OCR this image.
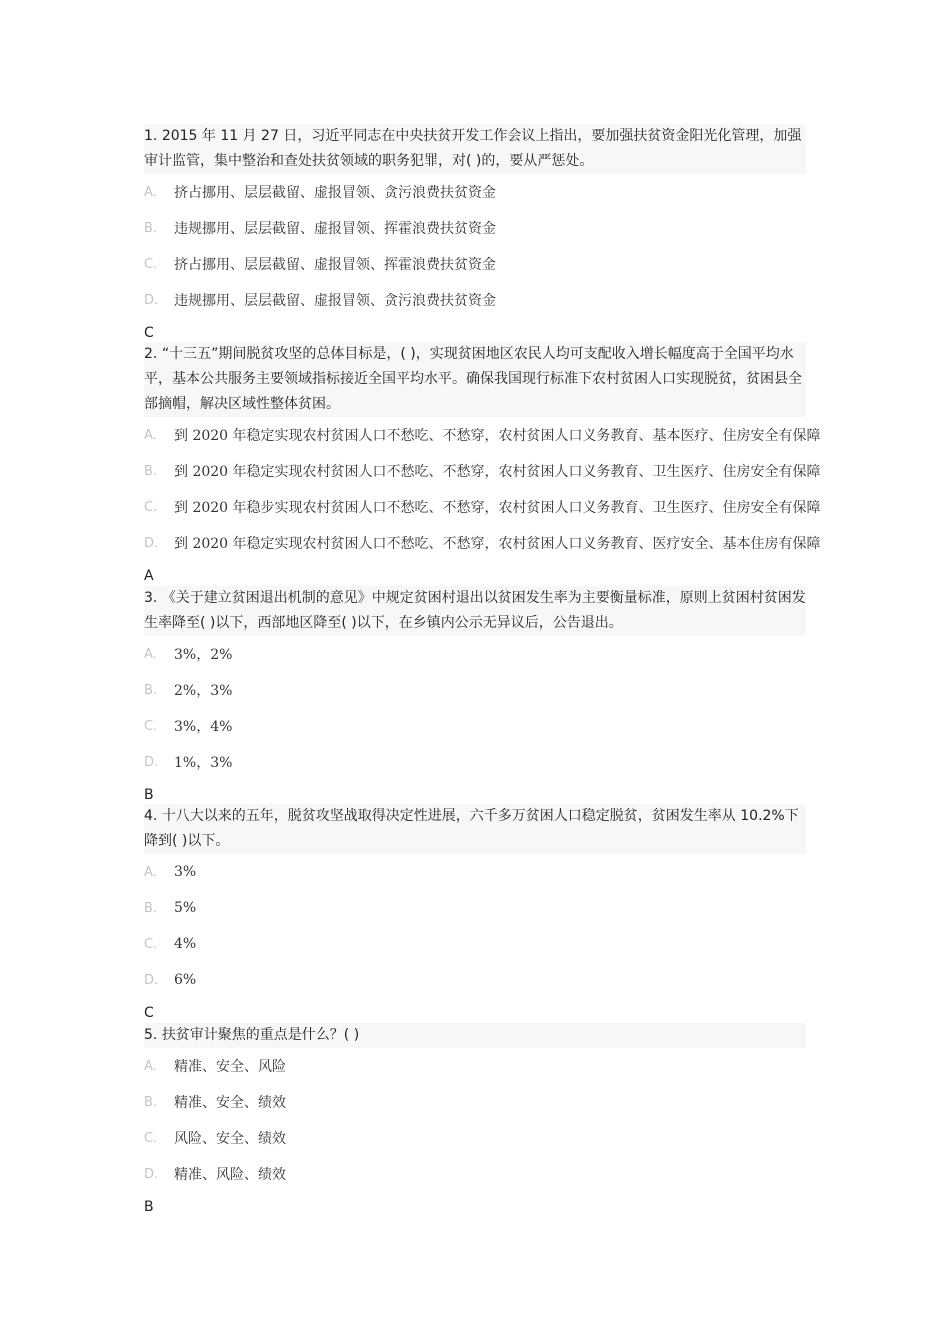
1. 2015 年 11 月 27 日，习近平同志在中央扶贫开发工作会议上指出，要加强扶贫资金阳光化管理，加强审计监管，集中整治和查处扶贫领域的职务犯罪，对( )的，要从严惩处。
A.	挤占挪用、层层截留、虚报冒领、贪污浪费扶贫资金
B.	违规挪用、层层截留、虚报冒领、挥霍浪费扶贫资金
C.	挤占挪用、层层截留、虚报冒领、挥霍浪费扶贫资金
D.	违规挪用、层层截留、虚报冒领、贪污浪费扶贫资金
C
2. “十三五”期间脱贫攻坚的总体目标是，( )，实现贫困地区农民人均可支配收入增长幅度高于全国平均水平，基本公共服务主要领域指标接近全国平均水平。确保我国现行标准下农村贫困人口实现脱贫，贫困县全部摘帽，解决区域性整体贫困。
A.	到 2020 年稳定实现农村贫困人口不愁吃、不愁穿，农村贫困人口义务教育、基本医疗、住房安全有保障
B.	到 2020 年稳定实现农村贫困人口不愁吃、不愁穿，农村贫困人口义务教育、卫生医疗、住房安全有保障
C.	到 2020 年稳步实现农村贫困人口不愁吃、不愁穿，农村贫困人口义务教育、卫生医疗、住房安全有保障
D.	到 2020 年稳定实现农村贫困人口不愁吃、不愁穿，农村贫困人口义务教育、医疗安全、基本住房有保障
A
3. 《关于建立贫困退出机制的意见》中规定贫困村退出以贫困发生率为主要衡量标准，原则上贫困村贫困发生率降至( )以下，西部地区降至( )以下，在乡镇内公示无异议后，公告退出。
A.	3%，2%
B.	2%，3%
C.	3%，4%
D.	1%，3%
B
4. 十八大以来的五年，脱贫攻坚战取得决定性进展，六千多万贫困人口稳定脱贫，贫困发生率从 10.2%下降到( )以下。
A.	3%
B.	5%
C.	4%
D.	6%
C
5. 扶贫审计聚焦的重点是什么？( )
A.	精准、安全、风险
B.	精准、安全、绩效
C.	风险、安全、绩效
D.	精准、风险、绩效
B
